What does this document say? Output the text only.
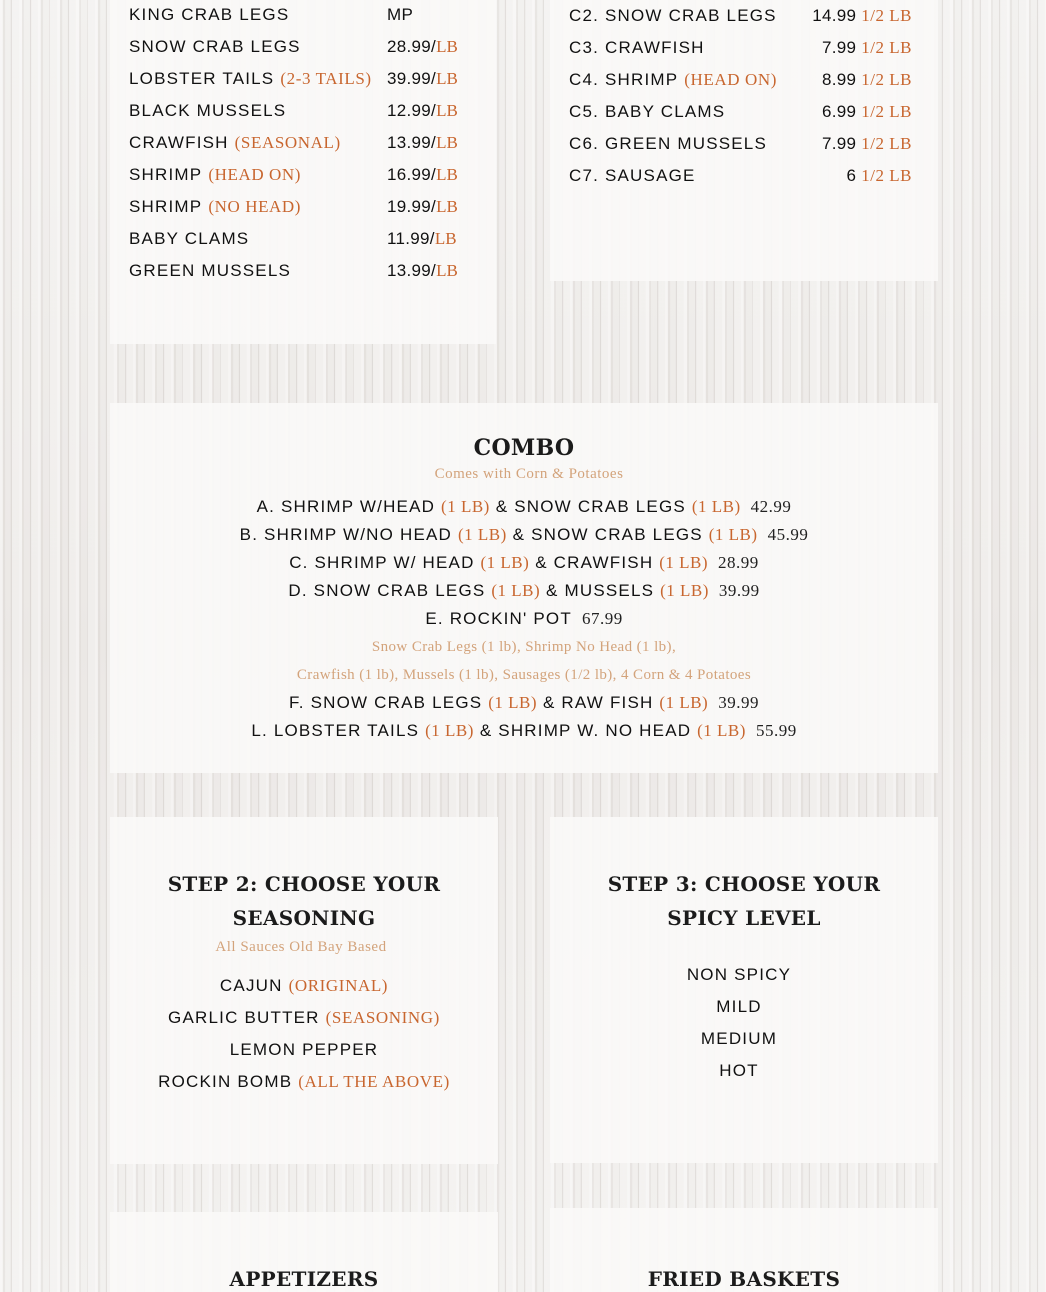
KING CRAB LEGS	MP
SNOW CRAB LEGS	28.99/LB
LOBSTER TAILS (2-3 TAILS) 39.99/LB
BLACK MUSSELS	12.99/LB
CRAWFISH (SEASONAL)	13.99/LB
SHRIMP (HEAD ON)	16.99/LB
SHRIMP (NO HEAD)	19.99/LB
BABY CLAMS	11.99/LB
GREEN MUSSELS	13.99/LB
C2. SNOW CRAB LEGS 14.99 1/2 LB
C3. CRAWFISH	7.99 1/2 LB
C4. SHRIMP (HEAD ON)	8.99 1/2 LB
C5. BABY CLAMS	6.99 1/2 LB
C6. GREEN MUSSELS	7.99 1/2 LB
C7. SAUSAGE	6 1/2 LB
COMBO
Comes with Corn & Potatoes
A. SHRIMP W/HEAD (1 LB) & SNOW CRAB LEGS (1 LB) 42.99
B. SHRIMP W/NO HEAD (1 LB) & SNOW CRAB LEGS (1 LB) 45.99
C. SHRIMP W/ HEAD (1 LB) & CRAWFISH (1 LB) 28.99
D. SNOW CRAB LEGS (1 LB) & MUSSELS (1 LB) 39.99
E. ROCKIN' POT 67.99
F. SNOW CRAB LEGS (1 LB) & RAW FISH (1 LB) 39.99
L. LOBSTER TAILS (1 LB) & SHRIMP W. NO HEAD (1 LB) 55.99
Snow Crab Legs (1 lb), Shrimp No Head (1 lb),
Crawfish (1 lb), Mussels (1 lb), Sausages (1/2 lb), 4 Corn & 4 Potatoes
STEP 2: CHOOSE YOUR
SEASONING
All Sauces Old Bay Based
CAJUN (ORIGINAL)
GARLIC BUTTER (SEASONING)
LEMON PEPPER
ROCKIN BOMB (ALL THE ABOVE)
STEP 3: CHOOSE YOUR
SPICY LEVEL
NON SPICY
MILD
MEDIUM
HOT
APPETIZERS	FRIED BASKETS
